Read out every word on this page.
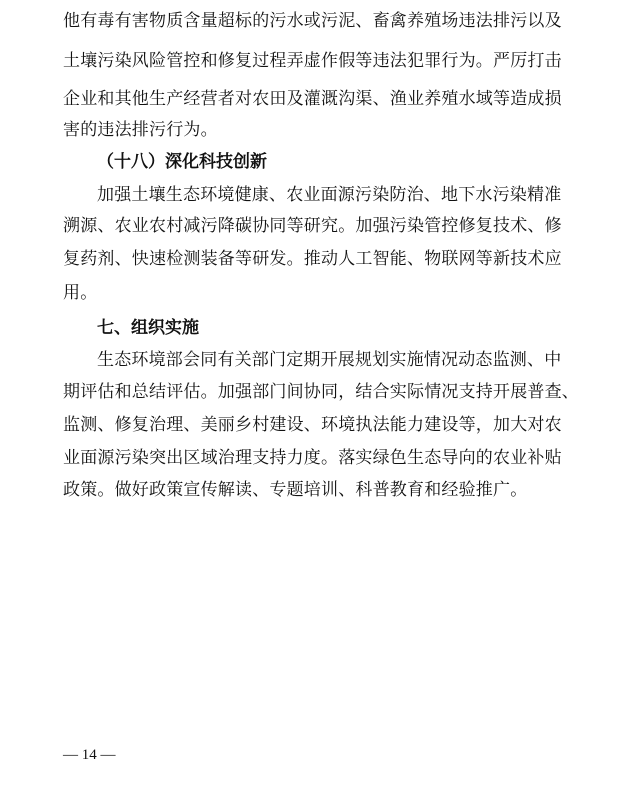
他有毒有害物质含量超标的污水或污泥、畜禽养殖场违法排污以及
土壤污染风险管控和修复过程弄虚作假等违法犯罪行为。严厉打击
企业和其他生产经营者对农田及灌溉沟渠、渔业养殖水域等造成损
害的违法排污行为。
（十八）深化科技创新
加强土壤生态环境健康、农业面源污染防治、地下水污染精准
溯源、农业农村减污降碳协同等研究。加强污染管控修复技术、修
复药剂、快速检测装备等研发。推动人工智能、物联网等新技术应
用。
七、组织实施
生态环境部会同有关部门定期开展规划实施情况动态监测、中
期评估和总结评估。加强部门间协同，结合实际情况支持开展普查、
监测、修复治理、美丽乡村建设、环境执法能力建设等，加大对农
业面源污染突出区域治理支持力度。落实绿色生态导向的农业补贴
政策。做好政策宣传解读、专题培训、科普教育和经验推广。
— 14 —
